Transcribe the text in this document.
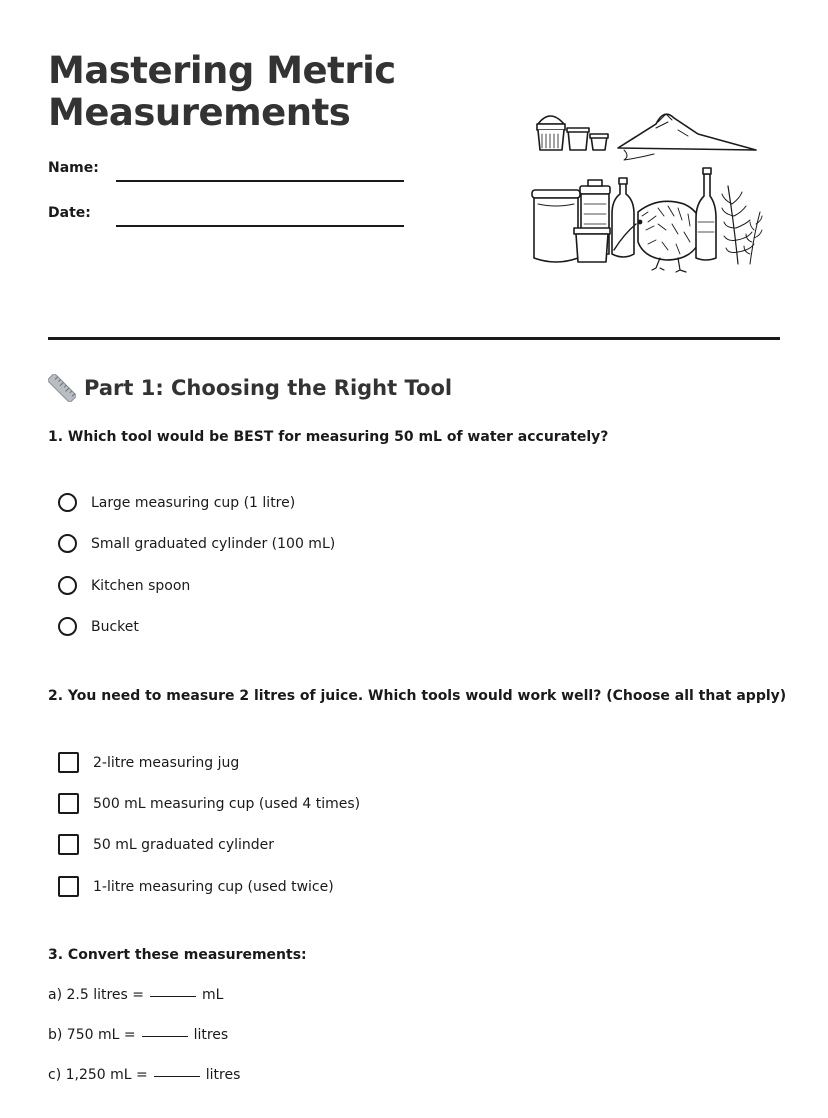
Mastering Metric Measurements
Name:
Date:
Part 1: Choosing the Right Tool
1. Which tool would be BEST for measuring 50 mL of water accurately?
Large measuring cup (1 litre)
Small graduated cylinder (100 mL)
Kitchen spoon
Bucket
2. You need to measure 2 litres of juice. Which tools would work well? (Choose all that apply)
2-litre measuring jug
500 mL measuring cup (used 4 times)
50 mL graduated cylinder
1-litre measuring cup (used twice)
3. Convert these measurements:
a) 2.5 litres =	mL
b) 750 mL =	litres
c) 1,250 mL =	litres
